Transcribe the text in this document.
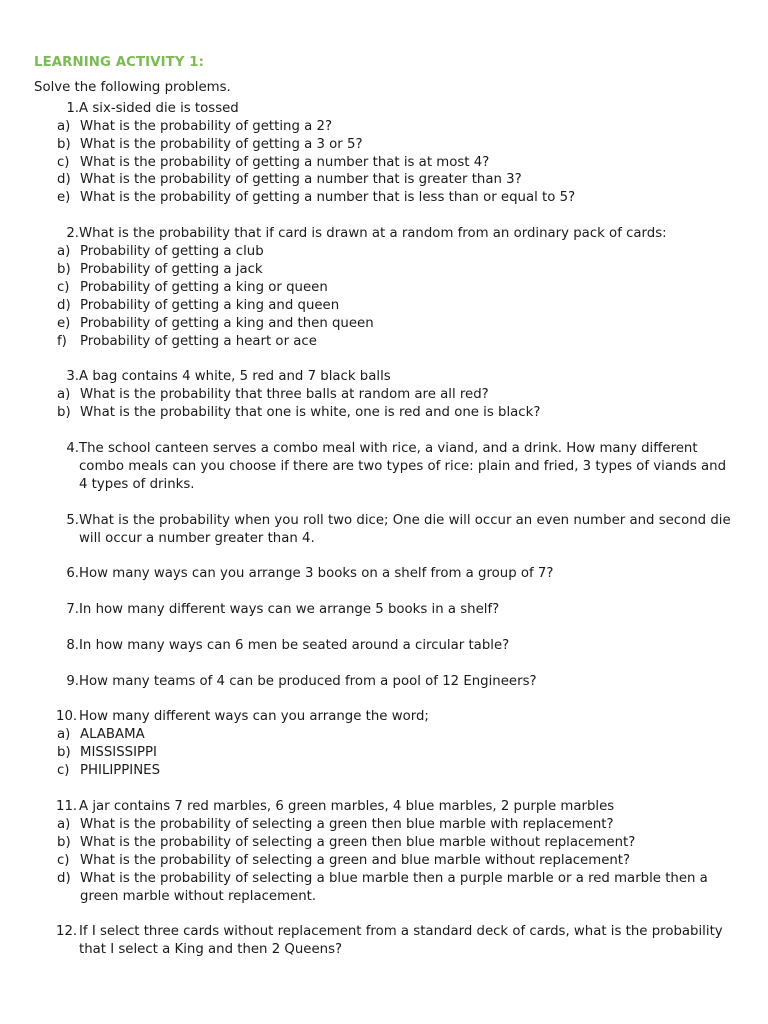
LEARNING ACTIVITY 1:
Solve the following problems.
1. A six-sided die is tossed
a) What is the probability of getting a 2?
b) What is the probability of getting a 3 or 5?
c) What is the probability of getting a number that is at most 4?
d) What is the probability of getting a number that is greater than 3?
e) What is the probability of getting a number that is less than or equal to 5?
2. What is the probability that if card is drawn at a random from an ordinary pack of cards:
a) Probability of getting a club
b) Probability of getting a jack
c) Probability of getting a king or queen
d) Probability of getting a king and queen
e) Probability of getting a king and then queen
f) Probability of getting a heart or ace
3. A bag contains 4 white, 5 red and 7 black balls
a) What is the probability that three balls at random are all red?
b) What is the probability that one is white, one is red and one is black?
4. The school canteen serves a combo meal with rice, a viand, and a drink. How many different combo meals can you choose if there are two types of rice: plain and fried, 3 types of viands and 4 types of drinks.
5. What is the probability when you roll two dice; One die will occur an even number and second die will occur a number greater than 4.
6. How many ways can you arrange 3 books on a shelf from a group of 7?
7. In how many different ways can we arrange 5 books in a shelf?
8. In how many ways can 6 men be seated around a circular table?
9. How many teams of 4 can be produced from a pool of 12 Engineers?
10. How many different ways can you arrange the word;
a) ALABAMA
b) MISSISSIPPI
c) PHILIPPINES
11. A jar contains 7 red marbles, 6 green marbles, 4 blue marbles, 2 purple marbles
a) What is the probability of selecting a green then blue marble with replacement?
b) What is the probability of selecting a green then blue marble without replacement?
c) What is the probability of selecting a green and blue marble without replacement?
d) What is the probability of selecting a blue marble then a purple marble or a red marble then a green marble without replacement.
12. If I select three cards without replacement from a standard deck of cards, what is the probability that I select a King and then 2 Queens?
